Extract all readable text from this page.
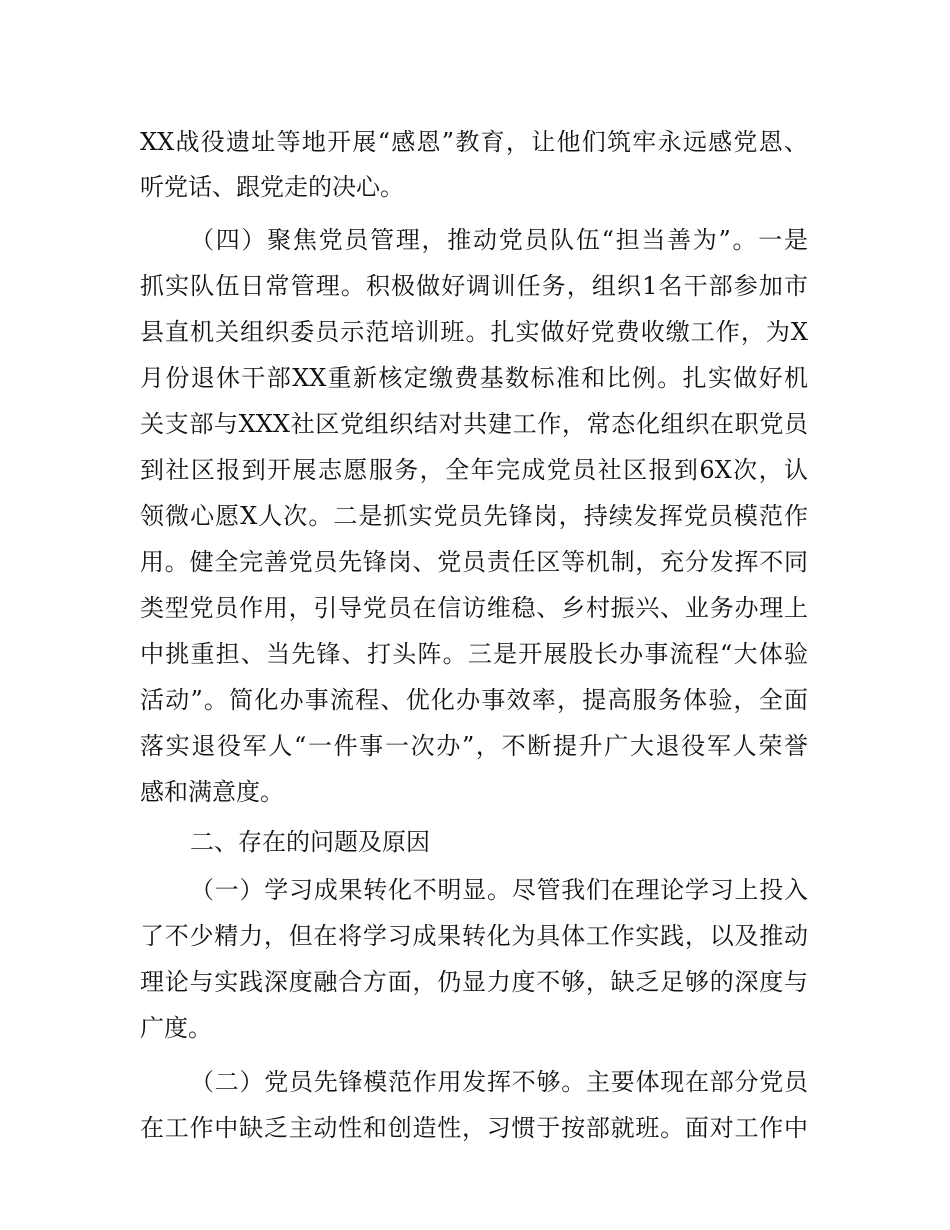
XX战役遗址等地开展“感恩”教育，让他们筑牢永远感党恩、
听党话、跟党走的决心。
（四）聚焦党员管理，推动党员队伍“担当善为”。一是
抓实队伍日常管理。积极做好调训任务，组织1名干部参加市
县直机关组织委员示范培训班。扎实做好党费收缴工作，为X
月份退休干部XX重新核定缴费基数标准和比例。扎实做好机
关支部与XXX社区党组织结对共建工作，常态化组织在职党员
到社区报到开展志愿服务，全年完成党员社区报到6X次，认
领微心愿X人次。二是抓实党员先锋岗，持续发挥党员模范作
用。健全完善党员先锋岗、党员责任区等机制，充分发挥不同
类型党员作用，引导党员在信访维稳、乡村振兴、业务办理上
中挑重担、当先锋、打头阵。三是开展股长办事流程“大体验
活动”。简化办事流程、优化办事效率，提高服务体验，全面
落实退役军人“一件事一次办”，不断提升广大退役军人荣誉
感和满意度。
二、存在的问题及原因
（一）学习成果转化不明显。尽管我们在理论学习上投入
了不少精力，但在将学习成果转化为具体工作实践，以及推动
理论与实践深度融合方面，仍显力度不够，缺乏足够的深度与
广度。
（二）党员先锋模范作用发挥不够。主要体现在部分党员
在工作中缺乏主动性和创造性，习惯于按部就班。面对工作中
